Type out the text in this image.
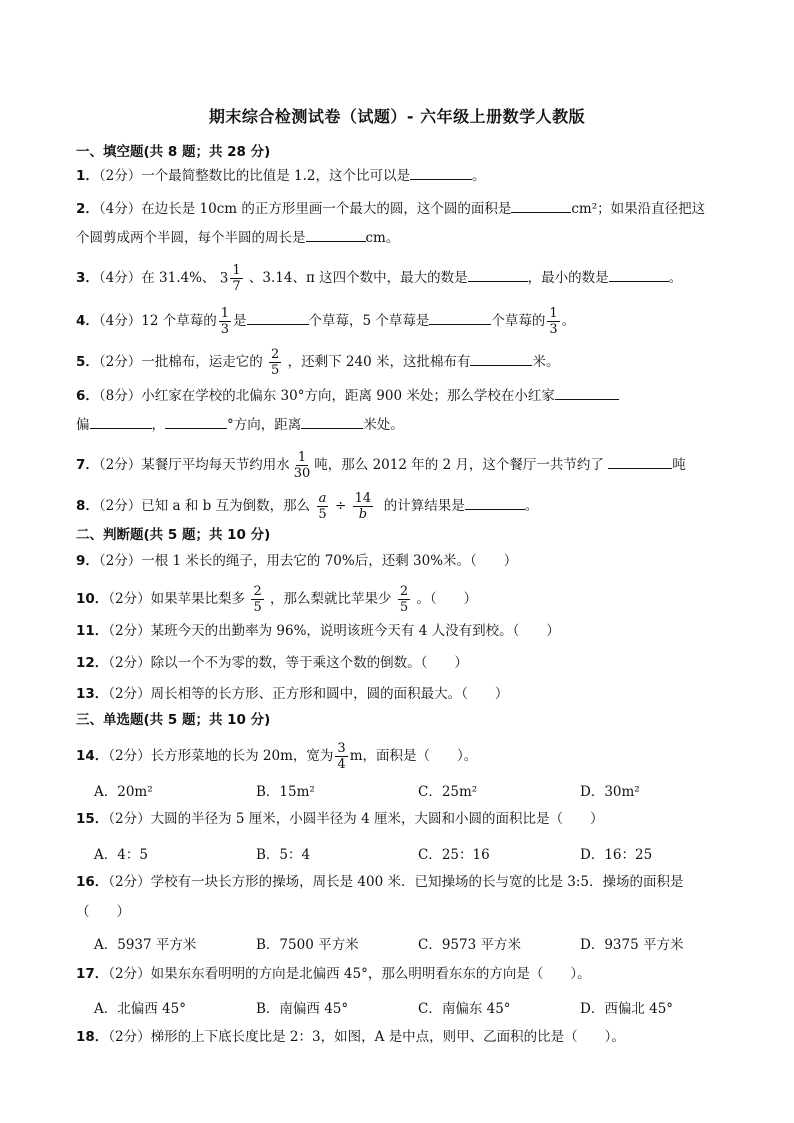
期末综合检测试卷（试题）- 六年级上册数学人教版
一、填空题(共 8 题；共 28 分)
1．（2分）一个最简整数比的比值是 1.2，这个比可以是	。
2．（4分）在边长是 10cm 的正方形里画一个最大的圆，这个圆的面积是	cm²；如果沿直径把这
个圆剪成两个半圆，每个半圆的周长是	cm。
3．（4分）在 31.4%、 $3 \frac{1}{7}$ 、3.14、π 这四个数中，最大的数是	，最小的数是	。
4．（4分）12 个草莓的 $\frac{1}{3}$ 是	个草莓，5 个草莓是	个草莓的 $\frac{1}{3}$ 。
5．（2分）一批棉布，运走它的 $\frac{2}{5}$ ，还剩下 240 米，这批棉布有	米。
6．（8分）小红家在学校的北偏东 30°方向，距离 900 米处；那么学校在小红家
偏	，	°方向，距离	米处。
7．（2分）某餐厅平均每天节约用水 $\frac{1}{30}$ 吨，那么 2012 年的 2 月，这个餐厅一共节约了	吨
8．（2分）已知 a 和 b 互为倒数，那么 $\frac{a}{5} \div \frac{14}{b}$ 的计算结果是	。
二、判断题(共 5 题；共 10 分)
9．（2分）一根 1 米长的绳子，用去它的 70%后，还剩 30%米。（　　）
10．（2分）如果苹果比梨多 $\frac{2}{5}$ ，那么梨就比苹果少 $\frac{2}{5}$ 。（　　）
11．（2分）某班今天的出勤率为 96%，说明该班今天有 4 人没有到校。（　　）
12．（2分）除以一个不为零的数，等于乘这个数的倒数。（　　）
13．（2分）周长相等的长方形、正方形和圆中，圆的面积最大。（　　）
三、单选题(共 5 题；共 10 分)
14．（2分）长方形菜地的长为 20m，宽为 $\frac{3}{4}$ m，面积是（　　）。
A．20m²	B．15m²	C．25m²	D．30m²
15．（2分）大圆的半径为 5 厘米，小圆半径为 4 厘米，大圆和小圆的面积比是（　　）
A．4：5	B．5：4	C．25：16	D．16：25
16．（2分）学校有一块长方形的操场，周长是 400 米．已知操场的长与宽的比是 3:5．操场的面积是
（　　）
A．5937 平方米	B．7500 平方米	C．9573 平方米	D．9375 平方米
17．（2分）如果东东看明明的方向是北偏西 45°，那么明明看东东的方向是（　　）。
A．北偏西 45°	B．南偏西 45°	C．南偏东 45°	D．西偏北 45°
18．（2分）梯形的上下底长度比是 2：3，如图，A 是中点，则甲、乙面积的比是（　　）。
